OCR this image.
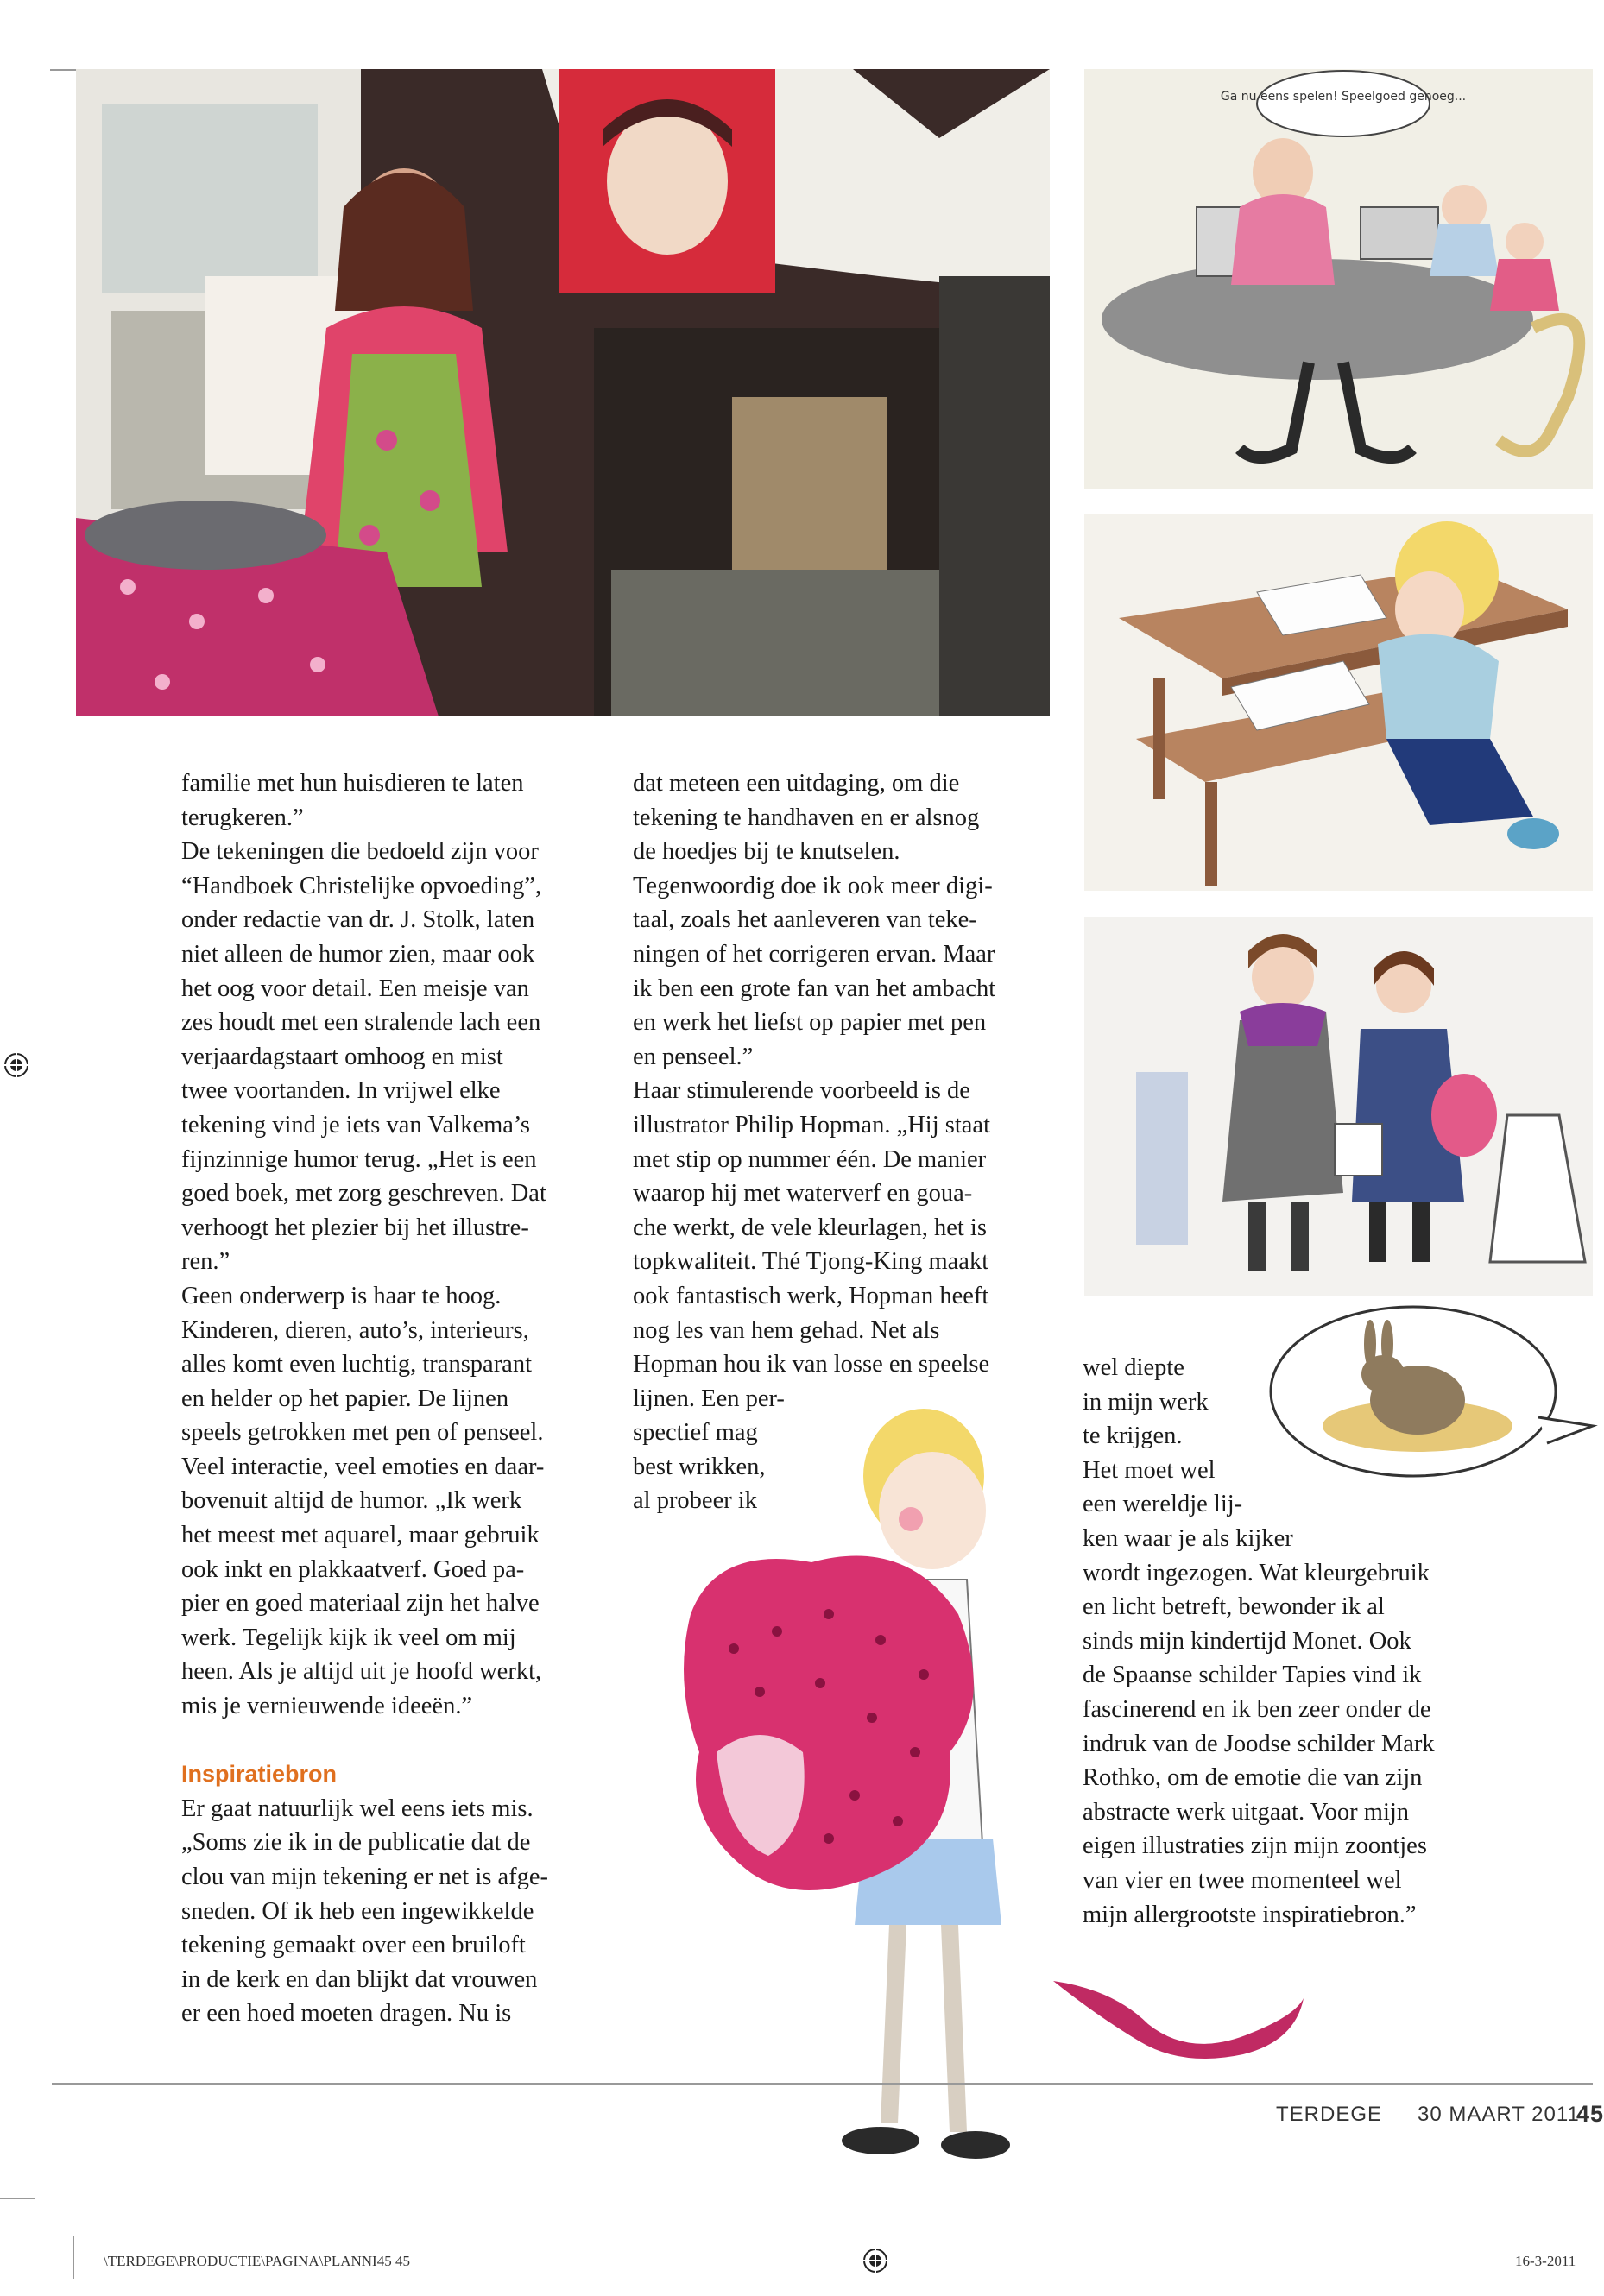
Ga nu eens spelen! Speelgoed genoeg...

familie met hun huisdieren te laten

terugkeren.”

De tekeningen die bedoeld zijn voor

“Handboek Christelijke opvoeding”,

onder redactie van dr. J. Stolk, laten

niet alleen de humor zien, maar ook

het oog voor detail. Een meisje van

zes houdt met een stralende lach een

verjaardagstaart omhoog en mist

twee voortanden. In vrijwel elke

tekening vind je iets van Valkema’s

fijnzinnige humor terug. „Het is een

goed boek, met zorg geschreven. Dat

verhoogt het plezier bij het illustre-

ren.”

Geen onderwerp is haar te hoog.

Kinderen, dieren, auto’s, interieurs,

alles komt even luchtig, transparant

en helder op het papier. De lijnen

speels getrokken met pen of penseel.

Veel interactie, veel emoties en daar-

bovenuit altijd de humor. „Ik werk

het meest met aquarel, maar gebruik

ook inkt en plakkaatverf. Goed pa-

pier en goed materiaal zijn het halve

werk. Tegelijk kijk ik veel om mij

heen. Als je altijd uit je hoofd werkt,

mis je vernieuwende ideeën.”

Inspiratiebron

Er gaat natuurlijk wel eens iets mis.

„Soms zie ik in de publicatie dat de

clou van mijn tekening er net is afge-

sneden. Of ik heb een ingewikkelde

tekening gemaakt over een bruiloft

in de kerk en dan blijkt dat vrouwen

er een hoed moeten dragen. Nu is

dat meteen een uitdaging, om die

tekening te handhaven en er alsnog

de hoedjes bij te knutselen.

Tegenwoordig doe ik ook meer digi-

taal, zoals het aanleveren van teke-

ningen of het corrigeren ervan. Maar

ik ben een grote fan van het ambacht

en werk het liefst op papier met pen

en penseel.”

Haar stimulerende voorbeeld is de

illustrator Philip Hopman. „Hij staat

met stip op nummer één. De manier

waarop hij met waterverf en goua-

che werkt, de vele kleurlagen, het is

topkwaliteit. Thé Tjong-King maakt

ook fantastisch werk, Hopman heeft

nog les van hem gehad. Net als

Hopman hou ik van losse en speelse

lijnen. Een per-

spectief mag

best wrikken,

al probeer ik

wel diepte

in mijn werk

te krijgen.

Het moet wel

een wereldje lij-

ken waar je als kijker

wordt ingezogen. Wat kleurgebruik

en licht betreft, bewonder ik al

sinds mijn kindertijd Monet. Ook

de Spaanse schilder Tapies vind ik

fascinerend en ik ben zeer onder de

indruk van de Joodse schilder Mark

Rothko, om de emotie die van zijn

abstracte werk uitgaat. Voor mijn

eigen illustraties zijn mijn zoontjes

van vier en twee momenteel wel

mijn allergrootste inspiratiebron.”

TERDEGE 30 MAART 2011
45
\TERDEGE\PRODUCTIE\PAGINA\PLANNI45 45	16-3-2011
